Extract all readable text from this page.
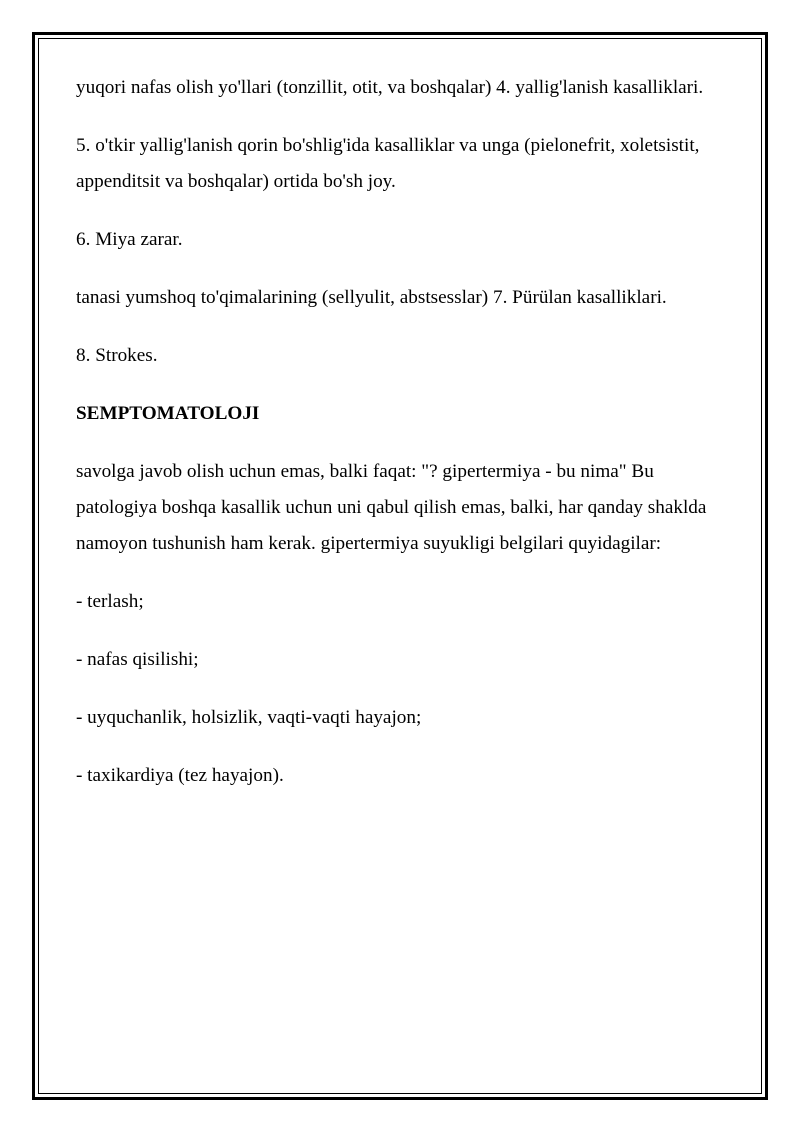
yuqori nafas olish yo'llari (tonzillit, otit, va boshqalar) 4. yallig'lanish kasalliklari.

5. o'tkir yallig'lanish qorin bo'shlig'ida kasalliklar va unga (pielonefrit, xoletsistit, appenditsit va boshqalar) ortida bo'sh joy.

6. Miya zarar.

tanasi yumshoq to'qimalarining (sellyulit, abstsesslar) 7. Pürülan kasalliklari.

8. Strokes.

SEMPTOMATOLOJI

savolga javob olish uchun emas, balki faqat: "? gipertermiya - bu nima" Bu patologiya boshqa kasallik uchun uni qabul qilish emas, balki, har qanday shaklda namoyon tushunish ham kerak. gipertermiya suyukligi belgilari quyidagilar:

- terlash;

- nafas qisilishi;

- uyquchanlik, holsizlik, vaqti-vaqti hayajon;

- taxikardiya (tez hayajon).
